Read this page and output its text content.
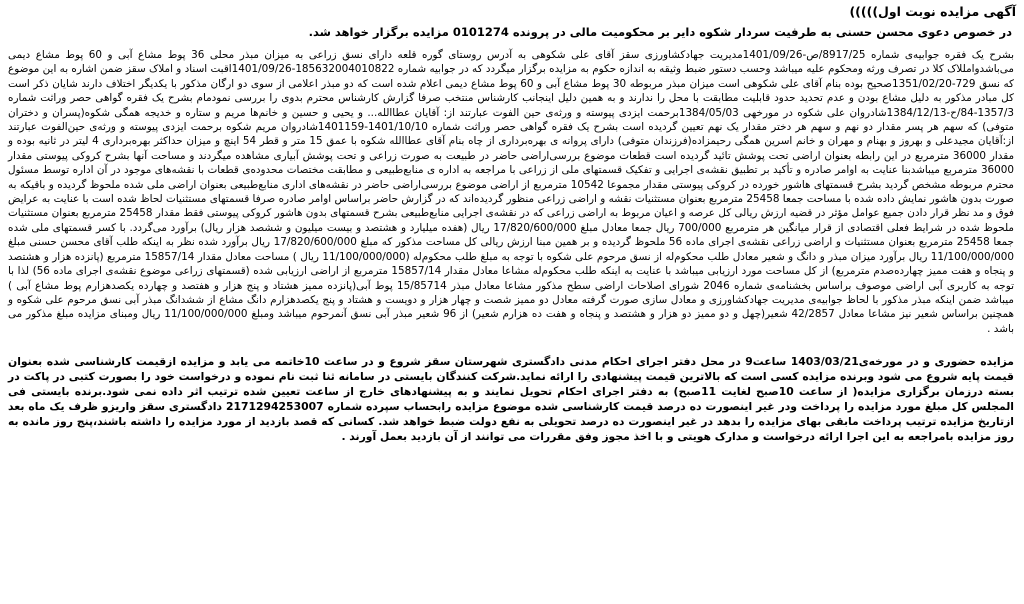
آگهی مزایده نوبت اول)))))
در خصوص دعوی محسن حسنی به طرفیت سردار شکوه دایر بر محکومیت مالی در پرونده 0101274 مزایده برگزار خواهد شد.

بشرح یک فقره جوابیه‌ی شماره 8917/25/ص-1401/09/26مدیریت جهادکشاورزی سقز آقای علی شکوهی به آدرس روستای گوره قلعه دارای نسق زراعی به میزان مبذر محلی 36 پوط مشاع آبی و 60 پوط مشاع دیمی می‌باشدوامللاک کلا در تصرف ورثه ومحکوم علیه میباشد وحسب دستور ضبط وثیقه به اندازه حکوم به مزایده برگزار میگردد که در جوابیه شماره 185632004010822-1401/09/26اقبت اسناد و املاک سقز ضمن اشاره به این موضوع که نسق 729-1351/02/20صحیح بوده بنام آقای علی شکوهی است میزان مبذر مربوطه 30 پوط مشاع آبی و 60 پوط مشاع دیمی اعلام شده است که دو مبذر اعلامی از سوی دو ارگان مذکور با یکدیگر اختلاف دارند شایان ذکر است کل مبادر مذکور به دلیل مشاع بودن و عدم تحدید حدود قابلیت مطابقت با محل را ندارند و به همین دلیل اینجانب کارشناس منتخب صرفا گزارش کارشناس محترم بدوی را بررسی نمودمام بشرح یک فقره گواهی حصر وراثت شماره 1357/3-84/ح-1384/12/13شادروان علی شکوه در مورخهی 1384/05/03برحمت ایزدی پیوسته و ورثه‌ی حین الفوت عبارتند از: آقایان عطا‌الله... و یحیی و حسین و خانم‌ها مریم و ستاره و خدیجه همگی شکوه(پسران و دختران متوفی) که سهم هر پسر مقدار دو نهم و سهم هر دختر مقدار یک نهم تعیین گردیده است بشرح یک فقره گواهی حصر وراثت شماره 1401/10/10-1401159شادروان مریم شکوه برحمت ایزدی پیوسته و ورثه‌ی حین‌الفوت عبارتند از:آقایان مجیدعلی و بهروز و بهنام و مهران و خانم اسرین همگی رحیمزاده(فرزندان متوفی) دارای پروانه ی بهره‌برداری از چاه بنام آقای عطاالله شکوه با عمق 15 متر و قطر 54 اینچ و میزان حداکثر بهره‌برداری 4 لیتر در ثانیه بوده و مقدار 36000 مترمربع در این رابطه بعنوان اراضی تحت پوشش تائید گردیده است قطعات موضوع بررسی‌اراضی حاضر در طبیعت به صورت زراعی و تحت پوشش آبیاری مشاهده میگردند و مساحت آنها بشرح کروکی پیوستی مقدار 36000 مترمربع میباشد‌بنا عنایت به اوامر صادره و تأکید بر تطبیق نقشه‌ی اجرایی و تفکیک قسمتهای ملی از زراعی با مراجعه به اداره ی منابع‌طبیعی و مطابقت مختصات محدوده‌ی قطعات با نقشه‌های موجود در آن اداره توسط مسئول محترم مربوطه مشخص گردید بشرح قسمتهای هاشور خورده در کروکی پیوستی مقدار مجموعا 10542 مترمربع از اراضی موضوع بررسی‌اراضی حاضر در نقشه‌های اداری منابع‌طبیعی بعنوان اراضی ملی شده ملحوظ گردیده و باقیکه به صورت بدون هاشور نمایش داده شده با مساحت جمعا 25458 مترمربع بعنوان مستثنیات نقشه و اراضی زراعی منظور گردیده‌اند که در گزارش حاضر براساس اوامر صادره صرفا قسمتهای مستثنیات لحاظ شده است با عنایت به عرایض فوق و مد نظر قرار دادن جمیع عوامل مؤثر در قضیه ارزش ریالی کل عرصه و اعیان مربوط به اراضی زراعی که در نقشه‌ی اجرایی منابع‌طبیعی بشرح قسمتهای بدون هاشور کروکی پیوستی فقط مقدار 25458 مترمربع بعنوان مستثنیات ملحوظ شده در شرایط فعلی اقتصادی از قرار میانگین هر مترمربع 700/000 ریال جمعا معادل مبلغ 17/820/600/000 ریال (هفده میلیارد و هشتصد و بیست میلیون و ششصد هزار ریال) برآورد می‌گردد. با کسر قسمتهای ملی شده جمعا 25458 مترمربع بعنوان مستثنیات و اراضی زراعی نقشه‌ی اجرای ماده 56 ملحوظ گردیده و بر همین مبنا ارزش ریالی کل مساحت مذکور که مبلغ 17/820/600/000 ریال برآورد شده نظر به اینکه طلب آقای محسن حسنی مبلغ 11/100/000/000 ریال برآورد میزان مبذر و دانگ و شعیر معادل طلب محکوم‌له از نسق مرحوم علی شکوه با توجه به مبلغ طلب محکوم‌له (11/100/000/000 ریال ) مساحت معادل مقدار 15857/14 مترمربع (پانزده هزار و هشتصد و پنجاه و هفت ممیز چهارده‌صدم مترمربع) از کل مساحت مورد ارزیابی میباشد با عنایت به اینکه طلب محکوم‌له مشاعا معادل مقدار 15857/14 مترمربع از اراضی ارزیابی شده (قسمتهای زراعی موضوع نقشه‌ی اجرای ماده 56) لذا با توجه به کاربری آبی اراضی موصوف براساس بخشنامه‌ی شماره 2046 شورای اصلاحات اراضی سطح مذکور مشاعا معادل مبذر 15/85714 پوط آبی(پانزده ممیز هشتاد و پنج هزار و هفتصد و چهارده یکصدهزارم پوط مشاع آبی ) میباشد ضمن اینکه مبذر مذکور با لحاظ جوابیه‌ی مدیریت جهادکشاورزی و معادل سازی صورت گرفته معادل دو ممیز شصت و چهار هزار و دویست و هشتاد و پنج یکصدهزارم دانگ مشاع از ششدانگ مبذر آبی نسق مرحوم علی شکوه و همچنین براساس شعیر نیز مشاعا معادل 42/2857 شعیر(چهل و دو ممیز دو هزار و هشتصد و پنجاه و هفت ده هزارم شعیر) از 96 شعیر مبذر آبی نسق آنمرحوم میباشد ومبلغ 11/100/000/000 ریال ومبنای مزایده مبلغ مذکور می باشد .

مزایده حضوری و در مورخه‌ی1403/03/21 ساعت9 در محل دفتر اجرای احکام مدنی دادگستری شهرستان سقز شروع و در ساعت 10خاتمه می یابد و مزایده ازقیمت کارشناسی شده بعنوان قیمت پایه شروع می شود وبرنده مزایده کسی است که بالاترین قیمت پیشنهادی را ارائه نماید.شرکت کنندگان بایستی در سامانه ثنا ثبت نام نموده و درخواست خود را بصورت کتبی در پاکت در بسته درزمان برگزاری مزایده( از ساعت 10صبح لغایت 11صبح) به دفتر اجرای احکام تحویل نمایند و به پیشنهادهای خارج از ساعت تعیین شده ترتیب اثر داده نمی شود.برنده بایستی فی المجلس کل مبلغ مورد مزایده را پرداخت ودر غیر اینصورت ده درصد قیمت کارشناسی شده موضوع مزایده رابحساب سپرده شماره 2171294253007 دادگستری سقز واریزو ظرف یک ماه بعد ازتاریخ مزایده ترتیب پرداخت مابقی بهای مزایده را بدهد در غیر اینصورت ده درصد تحویلی به نفع دولت ضبط خواهد شد. کسانی که قصد بازدید از مورد مزایده را داشته باشند،پنج روز مانده به روز مزایده بامراجعه به این اجرا ارائه درخواست و مدارک هویتی و با اخذ مجوز وفق مقررات می توانند از آن بازدید بعمل آورند .
